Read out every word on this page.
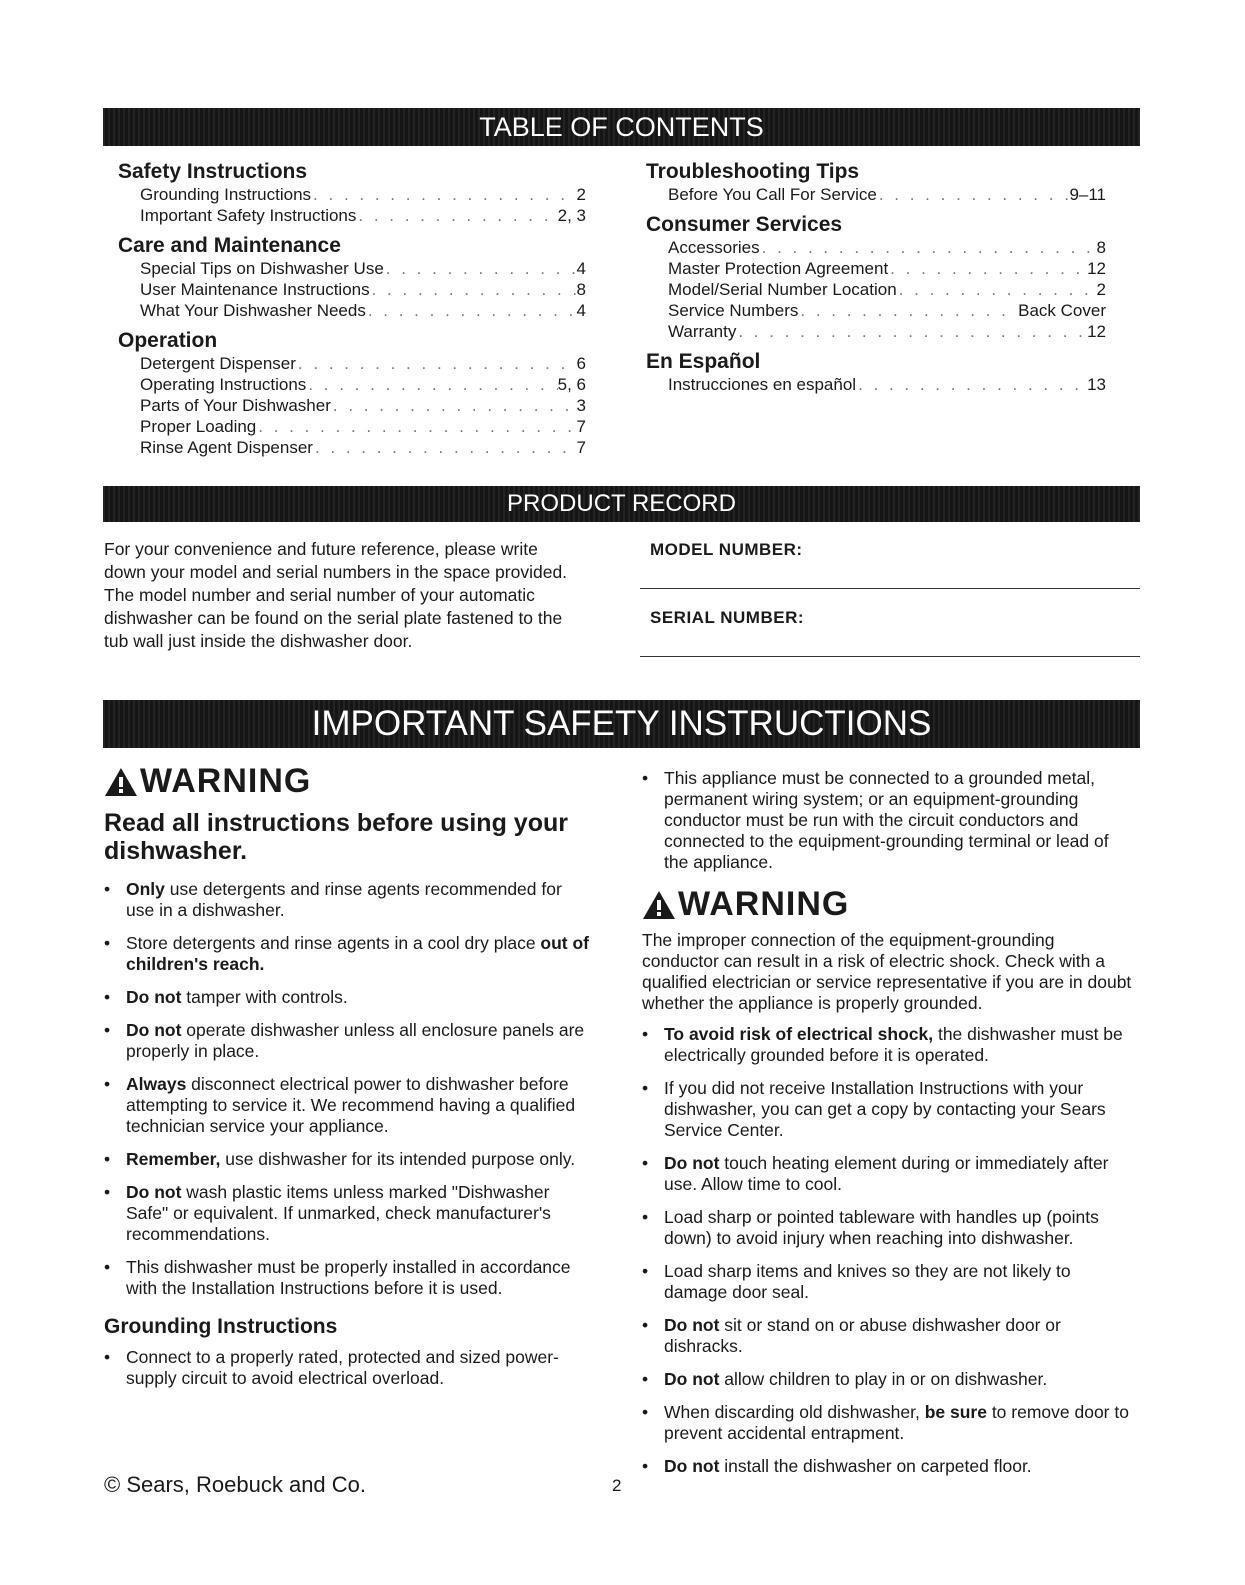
TABLE OF CONTENTS
Safety Instructions
Grounding Instructions . . .	2
Important Safety Instructions . . .	2, 3
Care and Maintenance
Special Tips on Dishwasher Use . . .	4
User Maintenance Instructions . . .	8
What Your Dishwasher Needs . . .	4
Operation
Detergent Dispenser . . .	6
Operating Instructions . . .	5, 6
Parts of Your Dishwasher . . .	3
Proper Loading . . .	7
Rinse Agent Dispenser . . .	7
Troubleshooting Tips
Before You Call For Service . . .	9–11
Consumer Services
Accessories . . .	8
Master Protection Agreement . . .	12
Model/Serial Number Location . . .	2
Service Numbers . . .	Back Cover
Warranty . . .	12
En Español
Instrucciones en español . . .	13
PRODUCT RECORD
For your convenience and future reference, please write down your model and serial numbers in the space provided. The model number and serial number of your automatic dishwasher can be found on the serial plate fastened to the tub wall just inside the dishwasher door.
MODEL NUMBER:
SERIAL NUMBER:
IMPORTANT SAFETY INSTRUCTIONS
WARNING
Read all instructions before using your dishwasher.
• Only use detergents and rinse agents recommended for use in a dishwasher.
• Store detergents and rinse agents in a cool dry place out of children's reach.
• Do not tamper with controls.
• Do not operate dishwasher unless all enclosure panels are properly in place.
• Always disconnect electrical power to dishwasher before attempting to service it. We recommend having a qualified technician service your appliance.
• Remember, use dishwasher for its intended purpose only.
• Do not wash plastic items unless marked "Dishwasher Safe" or equivalent. If unmarked, check manufacturer's recommendations.
• This dishwasher must be properly installed in accordance with the Installation Instructions before it is used.
Grounding Instructions
• Connect to a properly rated, protected and sized power-supply circuit to avoid electrical overload.
• This appliance must be connected to a grounded metal, permanent wiring system; or an equipment-grounding conductor must be run with the circuit conductors and connected to the equipment-grounding terminal or lead of the appliance.
WARNING
The improper connection of the equipment-grounding conductor can result in a risk of electric shock. Check with a qualified electrician or service representative if you are in doubt whether the appliance is properly grounded.
• To avoid risk of electrical shock, the dishwasher must be electrically grounded before it is operated.
• If you did not receive Installation Instructions with your dishwasher, you can get a copy by contacting your Sears Service Center.
• Do not touch heating element during or immediately after use. Allow time to cool.
• Load sharp or pointed tableware with handles up (points down) to avoid injury when reaching into dishwasher.
• Load sharp items and knives so they are not likely to damage door seal.
• Do not sit or stand on or abuse dishwasher door or dishracks.
• Do not allow children to play in or on dishwasher.
• When discarding old dishwasher, be sure to remove door to prevent accidental entrapment.
• Do not install the dishwasher on carpeted floor.
© Sears, Roebuck and Co.	2
